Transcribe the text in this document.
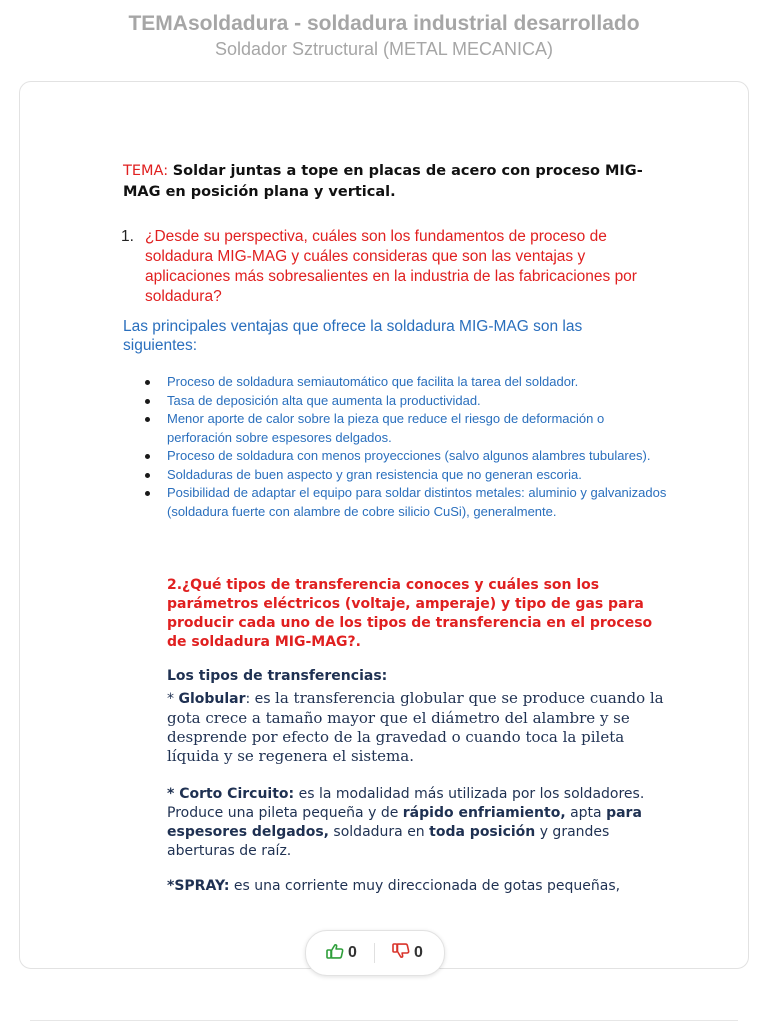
TEMAsoldadura - soldadura industrial desarrollado
Soldador Sztructural (METAL MECANICA)
TEMA: Soldar juntas a tope en placas de acero con proceso MIG-MAG en posición plana y vertical.
1. ¿Desde su perspectiva, cuáles son los fundamentos de proceso de soldadura MIG-MAG y cuáles consideras que son las ventajas y aplicaciones más sobresalientes en la industria de las fabricaciones por soldadura?
Las principales ventajas que ofrece la soldadura MIG-MAG son las siguientes:
Proceso de soldadura semiautomático que facilita la tarea del soldador.
Tasa de deposición alta que aumenta la productividad.
Menor aporte de calor sobre la pieza que reduce el riesgo de deformación o perforación sobre espesores delgados.
Proceso de soldadura con menos proyecciones (salvo algunos alambres tubulares).
Soldaduras de buen aspecto y gran resistencia que no generan escoria.
Posibilidad de adaptar el equipo para soldar distintos metales: aluminio y galvanizados (soldadura fuerte con alambre de cobre silicio CuSi), generalmente.
2.¿Qué tipos de transferencia conoces y cuáles son los parámetros eléctricos (voltaje, amperaje) y tipo de gas para producir cada uno de los tipos de transferencia en el proceso de soldadura MIG-MAG?.
Los tipos de transferencias:
* Globular: es la transferencia globular que se produce cuando la gota crece a tamaño mayor que el diámetro del alambre y se desprende por efecto de la gravedad o cuando toca la pileta líquida y se regenera el sistema.
* Corto Circuito: es la modalidad más utilizada por los soldadores. Produce una pileta pequeña y de rápido enfriamiento, apta para espesores delgados, soldadura en toda posición y grandes aberturas de raíz.
*SPRAY: es una corriente muy direccionada de gotas pequeñas,
0	0
